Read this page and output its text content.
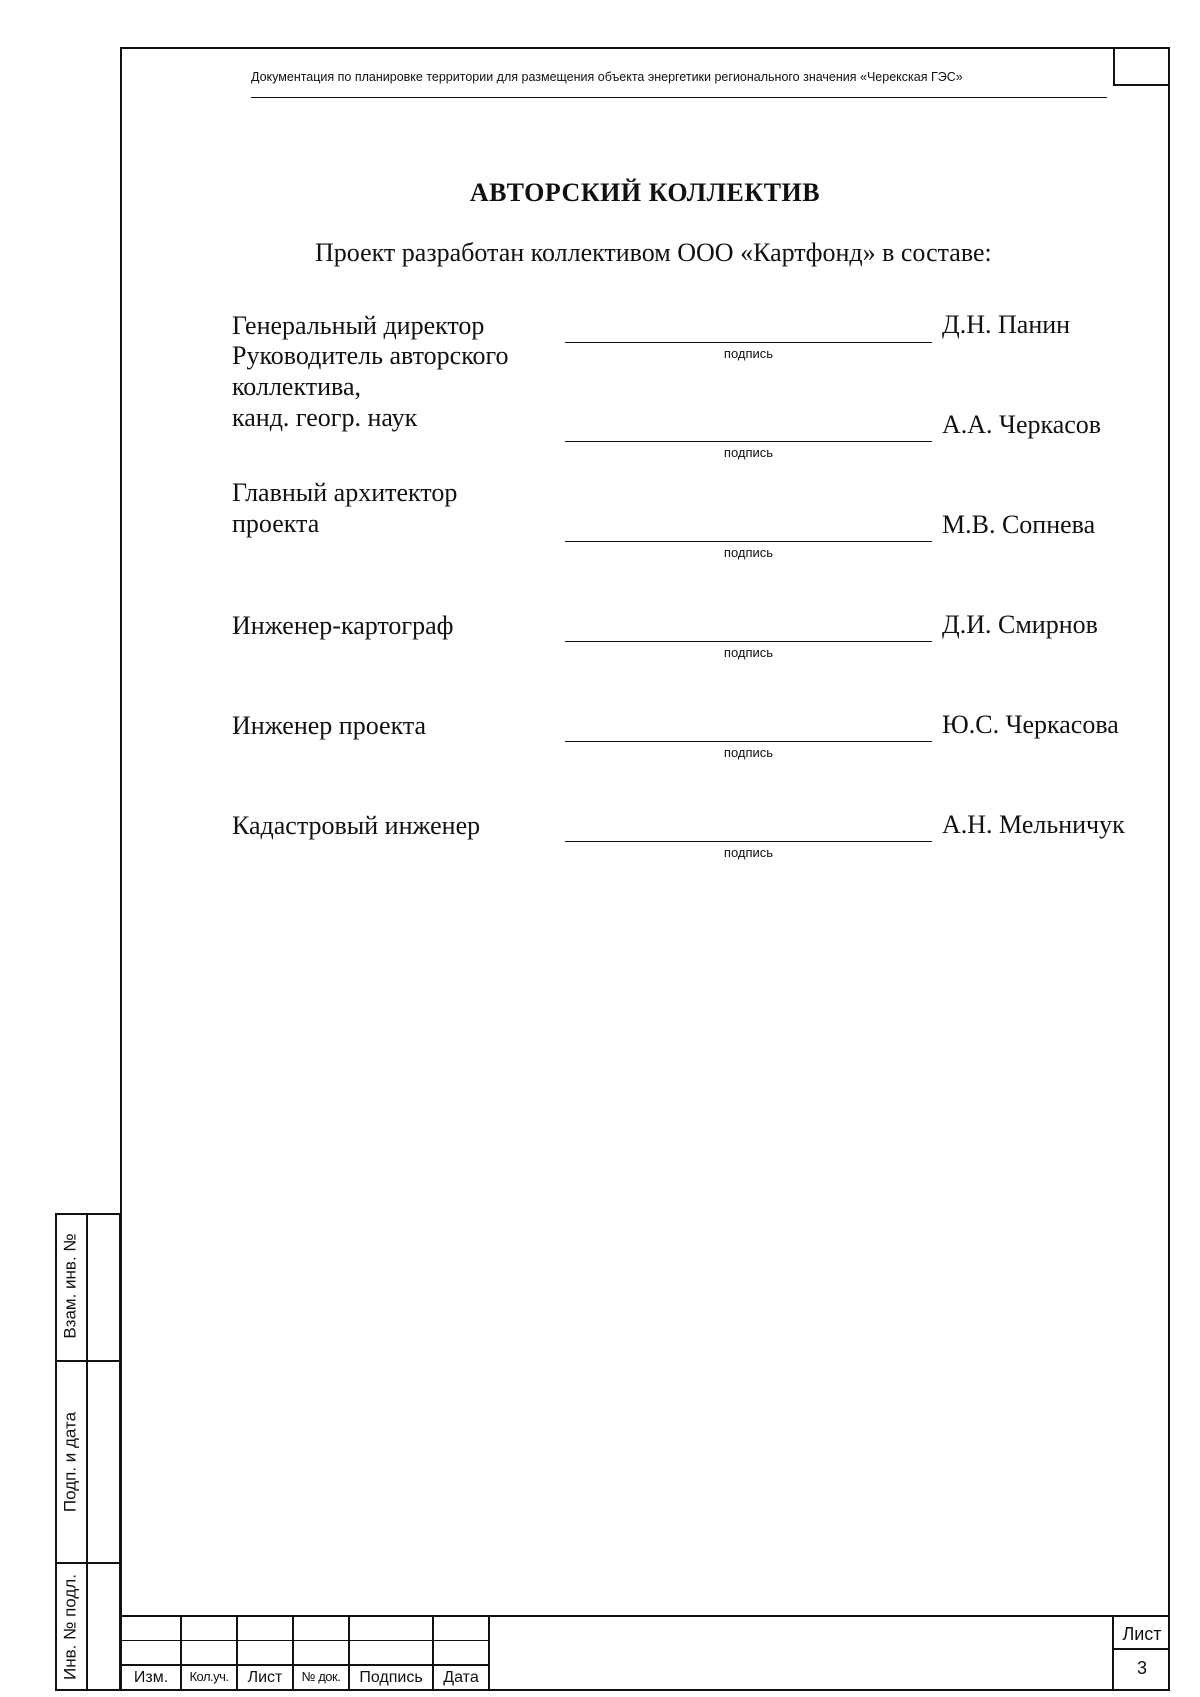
Документация по планировке территории для размещения объекта энергетики регионального значения «Черекская ГЭС»
АВТОРСКИЙ КОЛЛЕКТИВ
Проект разработан коллективом ООО «Картфонд» в составе:
Генеральный директор	Д.Н. Панин
подпись
Руководитель авторского
коллектива,
канд. геогр. наук	А.А. Черкасов
подпись
Главный архитектор
проекта	М.В. Сопнева
подпись
Инженер-картограф	Д.И. Смирнов
подпись
Инженер проекта	Ю.С. Черкасова
подпись
Кадастровый инженер	А.Н. Мельничук
подпись
Взам. инв. №
Подп. и дата
Инв. № подл.	Изм.	Кол.уч.	Лист	№ док.	Подпись	Дата
Лист
3
